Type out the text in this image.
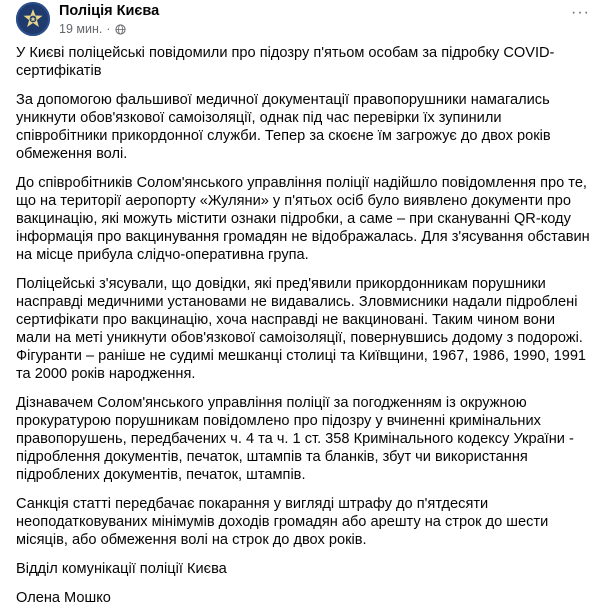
Поліція Києва
19 мин. ·
···

У Києві поліцейські повідомили про підозру п'ятьом особам за підробку COVID-сертифікатів

За допомогою фальшивої медичної документації правопорушники намагались уникнути обов'язкової самоізоляції, однак під час перевірки їх зупинили співробітники прикордонної служби. Тепер за скоєне їм загрожує до двох років обмеження волі.

До співробітників Солом'янського управління поліції надійшло повідомлення про те, що на території аеропорту «Жуляни» у п'ятьох осіб було виявлено документи про вакцинацію, які можуть містити ознаки підробки, а саме – при скануванні QR-коду інформація про вакцинування громадян не відображалась. Для з'ясування обставин на місце прибула слідчо-оперативна група.

Поліцейські з'ясували, що довідки, які пред'явили прикордонникам порушники насправді медичними установами не видавались. Зловмисники надали підроблені сертифікати про вакцинацію, хоча насправді не вакциновані. Таким чином вони мали на меті уникнути обов'язкової самоізоляції, повернувшись додому з подорожі. Фігуранти – раніше не судимі мешканці столиці та Київщини, 1967, 1986, 1990, 1991 та 2000 років народження.

Дізнавачем Солом'янського управління поліції за погодженням із окружною прокуратурою порушникам повідомлено про підозру у вчиненні кримінальних правопорушень, передбачених ч. 4 та ч. 1 ст. 358 Кримінального кодексу України - підроблення документів, печаток, штампів та бланків, збут чи використання підроблених документів, печаток, штампів.

Санкція статті передбачає покарання у вигляді штрафу до п'ятдесяти неоподатковуваних мінімумів доходів громадян або арешту на строк до шести місяців, або обмеження волі на строк до двох років.

Відділ комунікації поліції Києва

Олена Мошко
